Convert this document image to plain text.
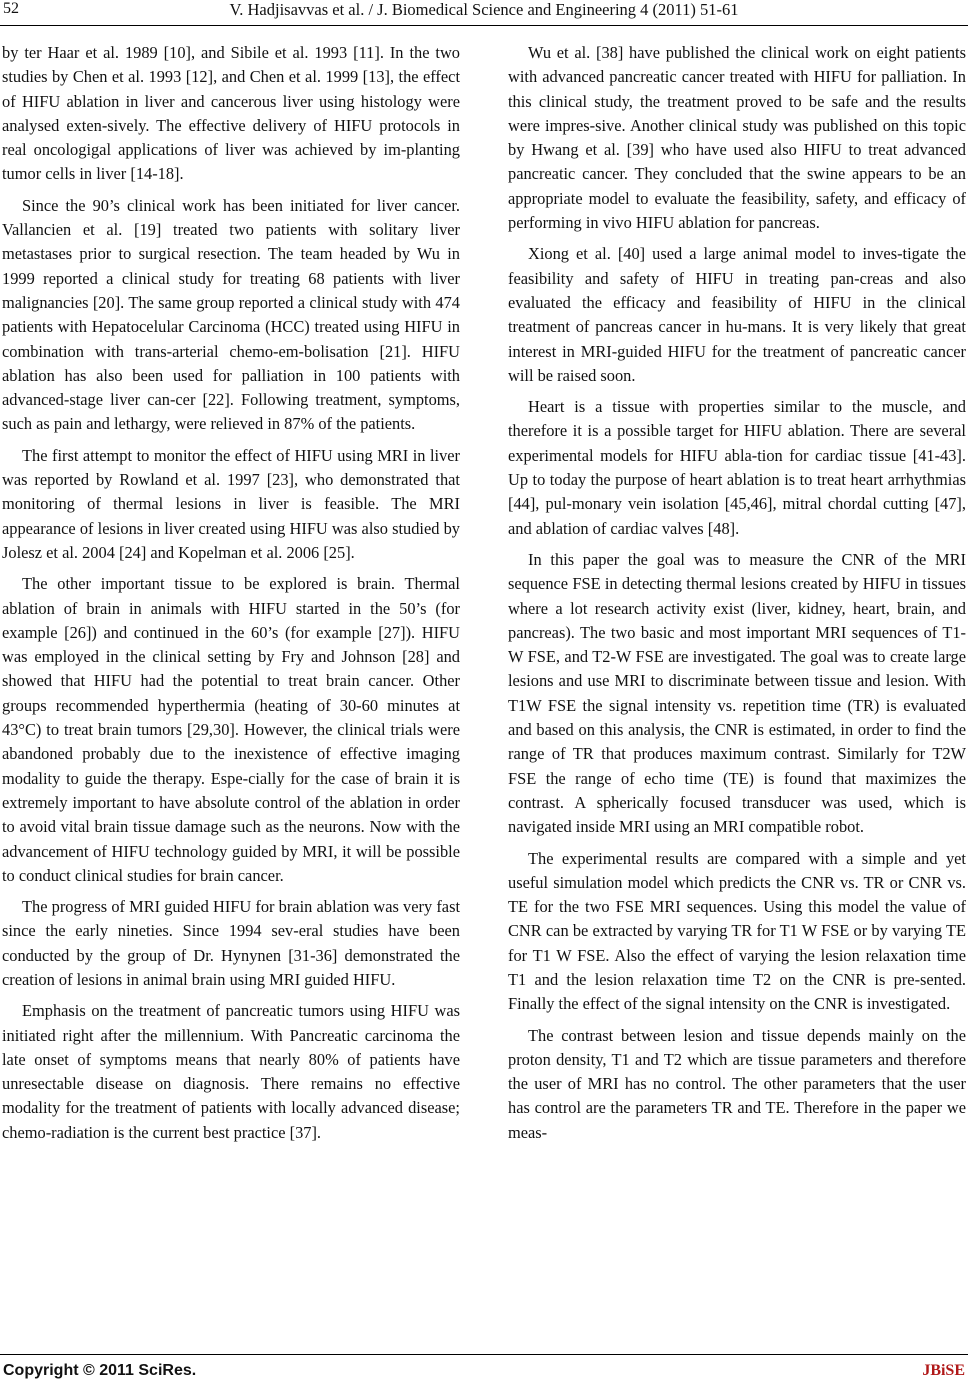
52	V. Hadjisavvas et al. / J. Biomedical Science and Engineering 4 (2011) 51-61

by ter Haar et al. 1989 [10], and Sibile et al. 1993 [11]. In the two studies by Chen et al. 1993 [12], and Chen et al. 1999 [13], the effect of HIFU ablation in liver and cancerous liver using histology were analysed exten-sively. The effective delivery of HIFU protocols in real oncologigal applications of liver was achieved by im-planting tumor cells in liver [14-18].

Since the 90’s clinical work has been initiated for liver cancer. Vallancien et al. [19] treated two patients with solitary liver metastases prior to surgical resection. The team headed by Wu in 1999 reported a clinical study for treating 68 patients with liver malignancies [20]. The same group reported a clinical study with 474 patients with Hepatocelular Carcinoma (HCC) treated using HIFU in combination with trans-arterial chemo-em-bolisation [21]. HIFU ablation has also been used for palliation in 100 patients with advanced-stage liver can-cer [22]. Following treatment, symptoms, such as pain and lethargy, were relieved in 87% of the patients.

The first attempt to monitor the effect of HIFU using MRI in liver was reported by Rowland et al. 1997 [23], who demonstrated that monitoring of thermal lesions in liver is feasible. The MRI appearance of lesions in liver created using HIFU was also studied by Jolesz et al. 2004 [24] and Kopelman et al. 2006 [25].

The other important tissue to be explored is brain. Thermal ablation of brain in animals with HIFU started in the 50’s (for example [26]) and continued in the 60’s (for example [27]). HIFU was employed in the clinical setting by Fry and Johnson [28] and showed that HIFU had the potential to treat brain cancer. Other groups recommended hyperthermia (heating of 30-60 minutes at 43°C) to treat brain tumors [29,30]. However, the clinical trials were abandoned probably due to the inexistence of effective imaging modality to guide the therapy. Espe-cially for the case of brain it is extremely important to have absolute control of the ablation in order to avoid vital brain tissue damage such as the neurons. Now with the advancement of HIFU technology guided by MRI, it will be possible to conduct clinical studies for brain cancer.

The progress of MRI guided HIFU for brain ablation was very fast since the early nineties. Since 1994 sev-eral studies have been conducted by the group of Dr. Hynynen [31-36] demonstrated the creation of lesions in animal brain using MRI guided HIFU.

Emphasis on the treatment of pancreatic tumors using HIFU was initiated right after the millennium. With Pancreatic carcinoma the late onset of symptoms means that nearly 80% of patients have unresectable disease on diagnosis. There remains no effective modality for the treatment of patients with locally advanced disease; chemo-radiation is the current best practice [37].

Wu et al. [38] have published the clinical work on eight patients with advanced pancreatic cancer treated with HIFU for palliation. In this clinical study, the treatment proved to be safe and the results were impres-sive. Another clinical study was published on this topic by Hwang et al. [39] who have used also HIFU to treat advanced pancreatic cancer. They concluded that the swine appears to be an appropriate model to evaluate the feasibility, safety, and efficacy of performing in vivo HIFU ablation for pancreas.

Xiong et al. [40] used a large animal model to inves-tigate the feasibility and safety of HIFU in treating pan-creas and also evaluated the efficacy and feasibility of HIFU in the clinical treatment of pancreas cancer in hu-mans. It is very likely that great interest in MRI-guided HIFU for the treatment of pancreatic cancer will be raised soon.

Heart is a tissue with properties similar to the muscle, and therefore it is a possible target for HIFU ablation. There are several experimental models for HIFU abla-tion for cardiac tissue [41-43]. Up to today the purpose of heart ablation is to treat heart arrhythmias [44], pul-monary vein isolation [45,46], mitral chordal cutting [47], and ablation of cardiac valves [48].

In this paper the goal was to measure the CNR of the MRI sequence FSE in detecting thermal lesions created by HIFU in tissues where a lot research activity exist (liver, kidney, heart, brain, and pancreas). The two basic and most important MRI sequences of T1-W FSE, and T2-W FSE are investigated. The goal was to create large lesions and use MRI to discriminate between tissue and lesion. With T1W FSE the signal intensity vs. repetition time (TR) is evaluated and based on this analysis, the CNR is estimated, in order to find the range of TR that produces maximum contrast. Similarly for T2W FSE the range of echo time (TE) is found that maximizes the contrast. A spherically focused transducer was used, which is navigated inside MRI using an MRI compatible robot.

The experimental results are compared with a simple and yet useful simulation model which predicts the CNR vs. TR or CNR vs. TE for the two FSE MRI sequences. Using this model the value of CNR can be extracted by varying TR for T1 W FSE or by varying TE for T1 W FSE. Also the effect of varying the lesion relaxation time T1 and the lesion relaxation time T2 on the CNR is pre-sented. Finally the effect of the signal intensity on the CNR is investigated.

The contrast between lesion and tissue depends mainly on the proton density, T1 and T2 which are tissue parameters and therefore the user of MRI has no control. The other parameters that the user has control are the parameters TR and TE. Therefore in the paper we meas-

Copyright © 2011 SciRes.	JBiSE
